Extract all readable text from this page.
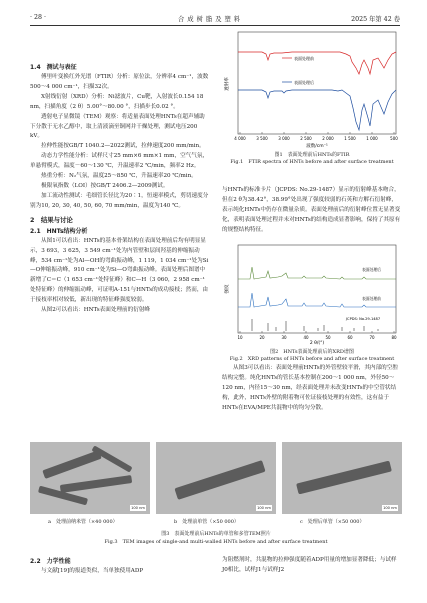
· 28 ·	合 成 树 脂 及 塑 料	2025 年第 42 卷
1.4　测试与表征

傅里叶变换红外光谱（FTIR）分析：原位法，分辨率4 cm⁻¹，波数500～4 000 cm⁻¹，扫描32次。

X射线衍射（XRD）分析：Ni滤波片，Cu靶，入射波长0.154 18 nm，扫描角度（2 θ）5.00°～80.00 °，扫描步长0.02 °。

透射电子显微镜（TEM）观察：将适量表面处理HNTs在超声辅助下分散于无水乙醇中，取上清液滴至铜网并干燥处理，测试电压200 kV。

拉伸性能按GB/T 1040.2—2022测试，拉伸速度200 mm/min。

动态力学性能分析：试样尺寸25 mm×6 mm×1 mm，空气气氛，单悬臂模式，温度－60～130 ℃，升温速率2 ℃/min，频率2 Hz。

热重分析：N₂气氛，温度25～850 ℃，升温速率20 ℃/min。

极限氧指数（LOI）按GB/T 2406.2—2009测试。

加工流动性测试：毛细管长径比为20∶1，恒速率模式，剪切速度分别为10, 20, 30, 40, 50, 60, 70 mm/min，温度为140 ℃。

2　结果与讨论
2.1　HNTs结构分析

从图1可以看出：HNTs的基本骨架结构在表面处理前后均有明显显示，3 693，3 625，3 549 cm⁻¹处为内管壁和层间羟基的伸缩振动峰，534 cm⁻¹处为Al—OH的弯曲振动峰，1 119，1 034 cm⁻¹处为Si—O伸缩振动峰，910 cm⁻¹处为Si—O弯曲振动峰。表面处理后图谱中新增了C＝C（1 653 cm⁻¹处特征峰）和C—H（3 060，2 958 cm⁻¹处特征峰）的伸缩振动峰，可证明A-151与HNTs的成功接枝；然而，由于接枝率相对较低，新出现的特征峰强度较弱。

从图2可以看出：HNTs表面处理前的衍射峰

透射率
4 000	3 500	3 000	2 500	2 000	1 500	1 000	500
波数/cm⁻¹
表面处理前
表面处理后
图1　表面处理前后HNTs的FTIR
Fig.1　FTIR spectra of HNTs before and after surface treatment

与HNTs的标准卡片（JCPDS: No.29-1487）显示的衍射峰基本吻合，但在2 θ为38.42°，38.99°处出现了强度较弱的石英和方解石衍射峰，表示纯化HNTs中仍存在微量杂质。表面处理前后的衍射峰位置无显著变化，表明表面处理过程并未对HNTs的结构造成显著影响，保持了其原有的规整结构特征。

强度
10	20	30	40	50	60	70	80
2 θ/(°)
表面处理后
表面处理前
JCPDS: No.29-1487
图2　HNTs表面处理前后的XRD谱图
Fig.2　XRD patterns of HNTs before and after surface treatment

从图3可以看出：表面处理前HNTs的外管壁较平滑，其内部的空腔结构完整。纯化HNTs的管长基本控制在200～1 000 nm，外径50～120 nm，内径15～30 nm，经表面处理并未改变HNTs的中空管状结构，此外，HNTs外壁的附着物可佐证接枝处理的有效性，这有益于HNTs在EVA/MPE共混物中的均匀分散。

100 nm	100 nm	100 nm
a　处理前纳米管（×40 000）	b　处理前单管（×50 000）	c　处理后单管（×50 000）
图3　表面处理前后HNTs的单管和多管TEM照片
Fig.3　TEM images of single-and multi-walled HNTs before and after surface treatment
2.2　力学性能

与文献[19]的报道类似，当单独使用ADP

为阻燃剂时，共混物的拉伸强度随着ADP用量的增加显著降低；与试样J0相比，试样J1与试样J2
